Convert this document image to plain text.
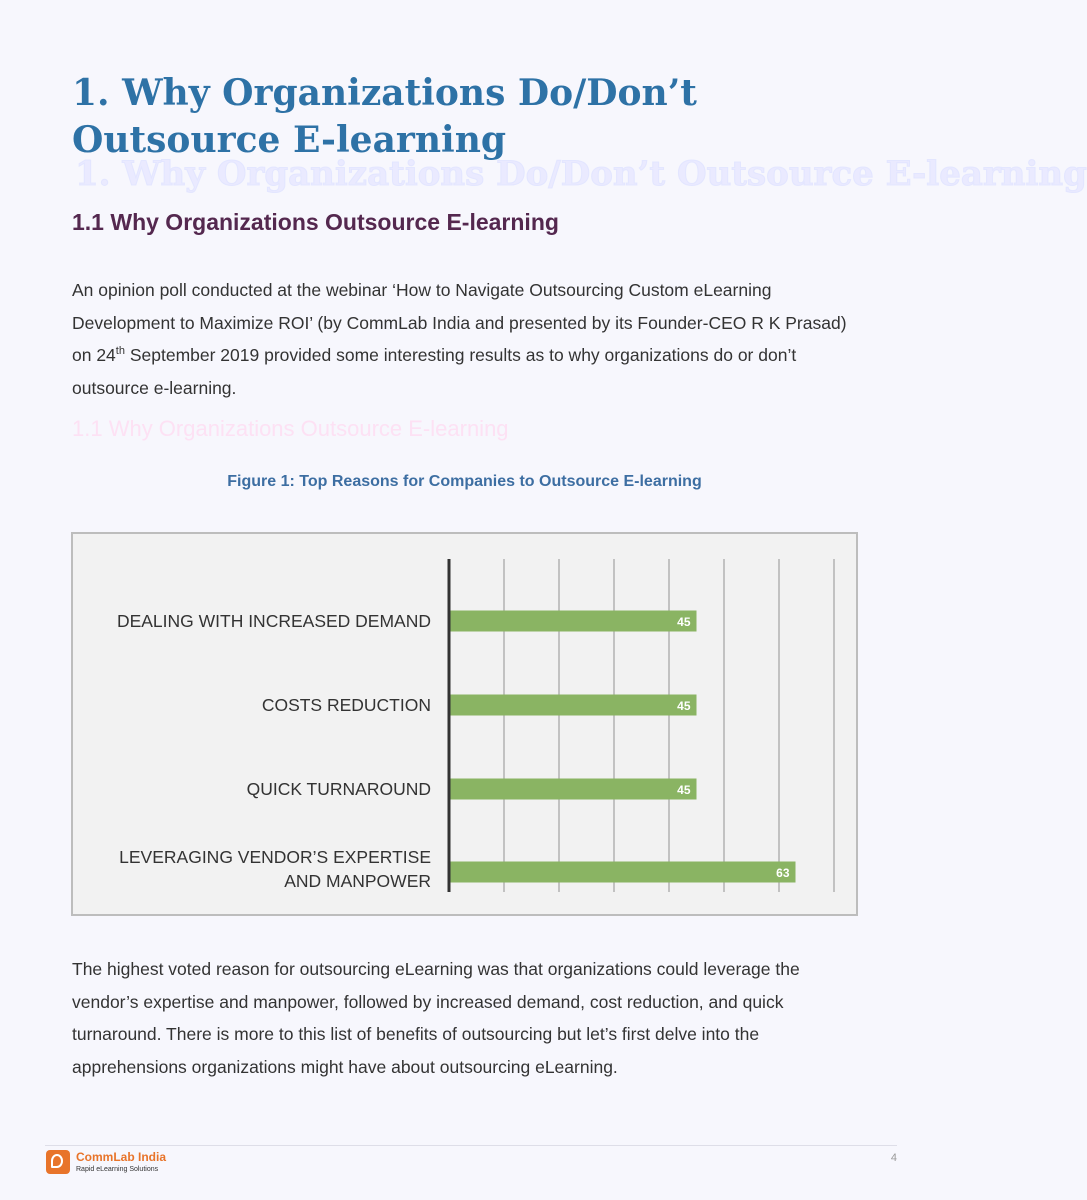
1. Why Organizations Do/Don’t Outsource E-learning
1.1 Why Organizations Outsource E-learning
1. Why Organizations Do/Don’t Outsource E-learning
1.1 Why Organizations Outsource E-learning

An opinion poll conducted at the webinar ‘How to Navigate Outsourcing Custom eLearning Development to Maximize ROI’ (by CommLab India and presented by its Founder-CEO R K Prasad) on 24th September 2019 provided some interesting results as to why organizations do or don’t outsource e-learning.

Figure 1: Top Reasons for Companies to Outsource E-learning

45
DEALING WITH INCREASED DEMAND
45
COSTS REDUCTION
45
QUICK TURNAROUND
63
LEVERAGING VENDOR’S EXPERTISE AND MANPOWER

The highest voted reason for outsourcing eLearning was that organizations could leverage the vendor’s expertise and manpower, followed by increased demand, cost reduction, and quick turnaround. There is more to this list of benefits of outsourcing but let’s first delve into the apprehensions organizations might have about outsourcing eLearning.

CommLab India
Rapid eLearning Solutions
4
